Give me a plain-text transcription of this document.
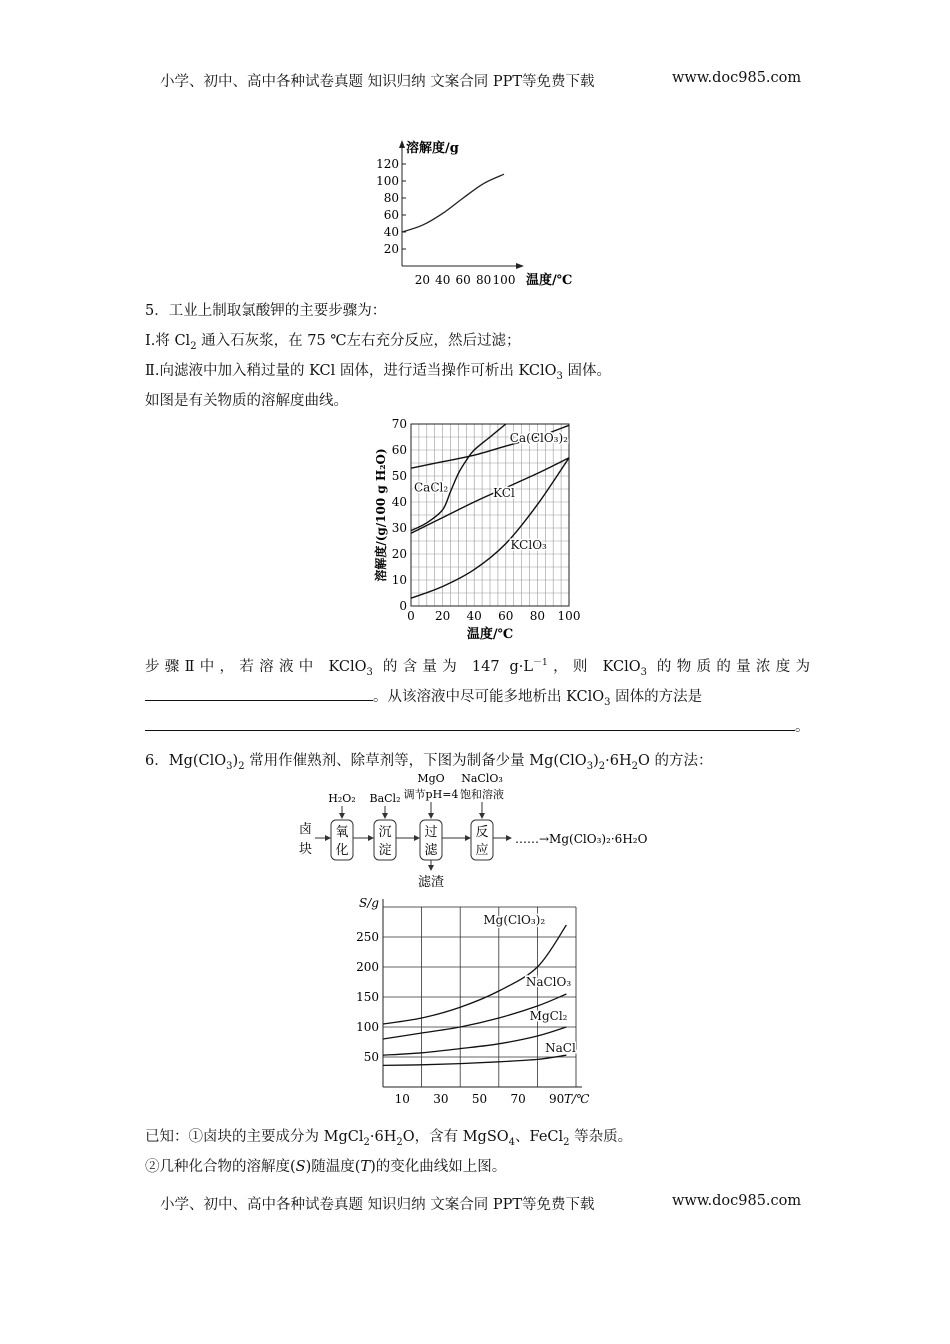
小学、初中、高中各种试卷真题 知识归纳 文案合同 PPT等免费下载	www.doc985.com
20
40
60
80
100
120
20 40 60 80 100
溶解度/g
温度/℃
5．工业上制取氯酸钾的主要步骤为：
Ⅰ.将 $Cl_2$ 通入石灰浆，在 75 ℃左右充分反应，然后过滤；
Ⅱ.向滤液中加入稍过量的 KCl 固体，进行适当操作可析出 KClO$_3$ 固体。
如图是有关物质的溶解度曲线。
0
10
20
30
40
50
60
70
0 20 40 60 80 100
溶解度/(g/100 g H₂O)
温度/℃
Ca(ClO₃)₂
CaCl₂	KCl
KClO₃
步骤Ⅱ中，若溶液中 KClO$_3$ 的含量为 147 $g\cdot L^{-1}$，则 KClO$_3$ 的物质的量浓度为
。从该溶液中尽可能多地析出 KClO$_3$ 固体的方法是
。
6．$Mg(ClO_3)_2$ 常用作催熟剂、除草剂等，下图为制备少量 $Mg(ClO_3)_2\cdot 6H_2O$ 的方法：
卤
块
H₂O₂ BaCl₂
MgO
调节pH=4
NaClO₃
饱和溶液
氧
化
沉
淀
过
滤
滤渣
反
应
……→Mg(ClO₃)₂·6H₂O
50
100
150
200
250
10 30 50 70 90
S/g
T/℃
Mg(ClO₃)₂
NaClO₃
MgCl₂
NaCl
已知：①卤块的主要成分为 $MgCl_2\cdot 6H_2O$，含有 MgSO$_4$、FeCl$_2$ 等杂质。
②几种化合物的溶解度(S)随温度(T)的变化曲线如上图。
小学、初中、高中各种试卷真题 知识归纳 文案合同 PPT等免费下载	www.doc985.com
